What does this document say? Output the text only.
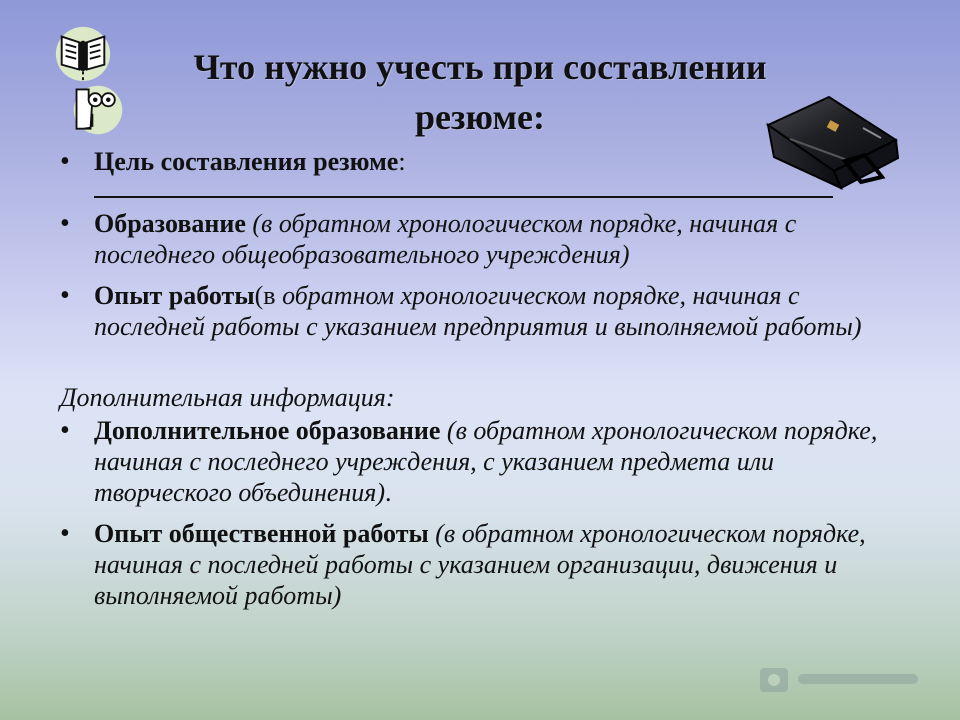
Что нужно учесть при составлении резюме:
• Цель составления резюме:
• Образование (в обратном хронологическом порядке, начиная с последнего общеобразовательного учреждения)
• Опыт работы(в обратном хронологическом порядке, начиная с последней работы с указанием предприятия и выполняемой работы)
Дополнительная информация:
• Дополнительное образование (в обратном хронологическом порядке, начиная с последнего учреждения, с указанием предмета или творческого объединения).
• Опыт общественной работы (в обратном хронологическом порядке, начиная с последней работы с указанием организации, движения и выполняемой работы)
